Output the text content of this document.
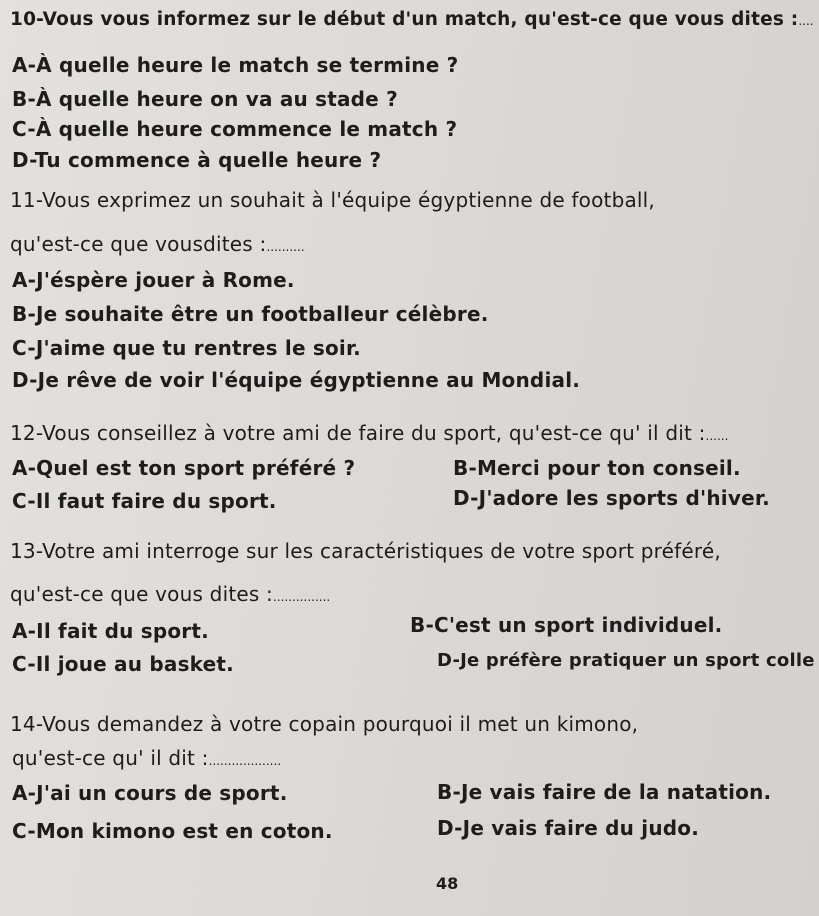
10-Vous vous informez sur le début d'un match, qu'est-ce que vous dites :....
A-À quelle heure le match se termine ?
B-À quelle heure on va au stade ?
C-À quelle heure commence le match ?
D-Tu commence à quelle heure ?
11-Vous exprimez un souhait à l'équipe égyptienne de football,
qu'est-ce que vousdites :..........
A-J'éspère jouer à Rome.
B-Je souhaite être un footballeur célèbre.
C-J'aime que tu rentres le soir.
D-Je rêve de voir l'équipe égyptienne au Mondial.
12-Vous conseillez à votre ami de faire du sport, qu'est-ce qu' il dit :......
A-Quel est ton sport préféré ?	B-Merci pour ton conseil.
C-Il faut faire du sport.	D-J'adore les sports d'hiver.
13-Votre ami interroge sur les caractéristiques de votre sport préféré,
qu'est-ce que vous dites :...............
A-Il fait du sport.	B-C'est un sport individuel.
C-Il joue au basket.	D-Je préfère pratiquer un sport colle
14-Vous demandez à votre copain pourquoi il met un kimono,
qu'est-ce qu' il dit :...................
A-J'ai un cours de sport.	B-Je vais faire de la natation.
C-Mon kimono est en coton.	D-Je vais faire du judo.
48
